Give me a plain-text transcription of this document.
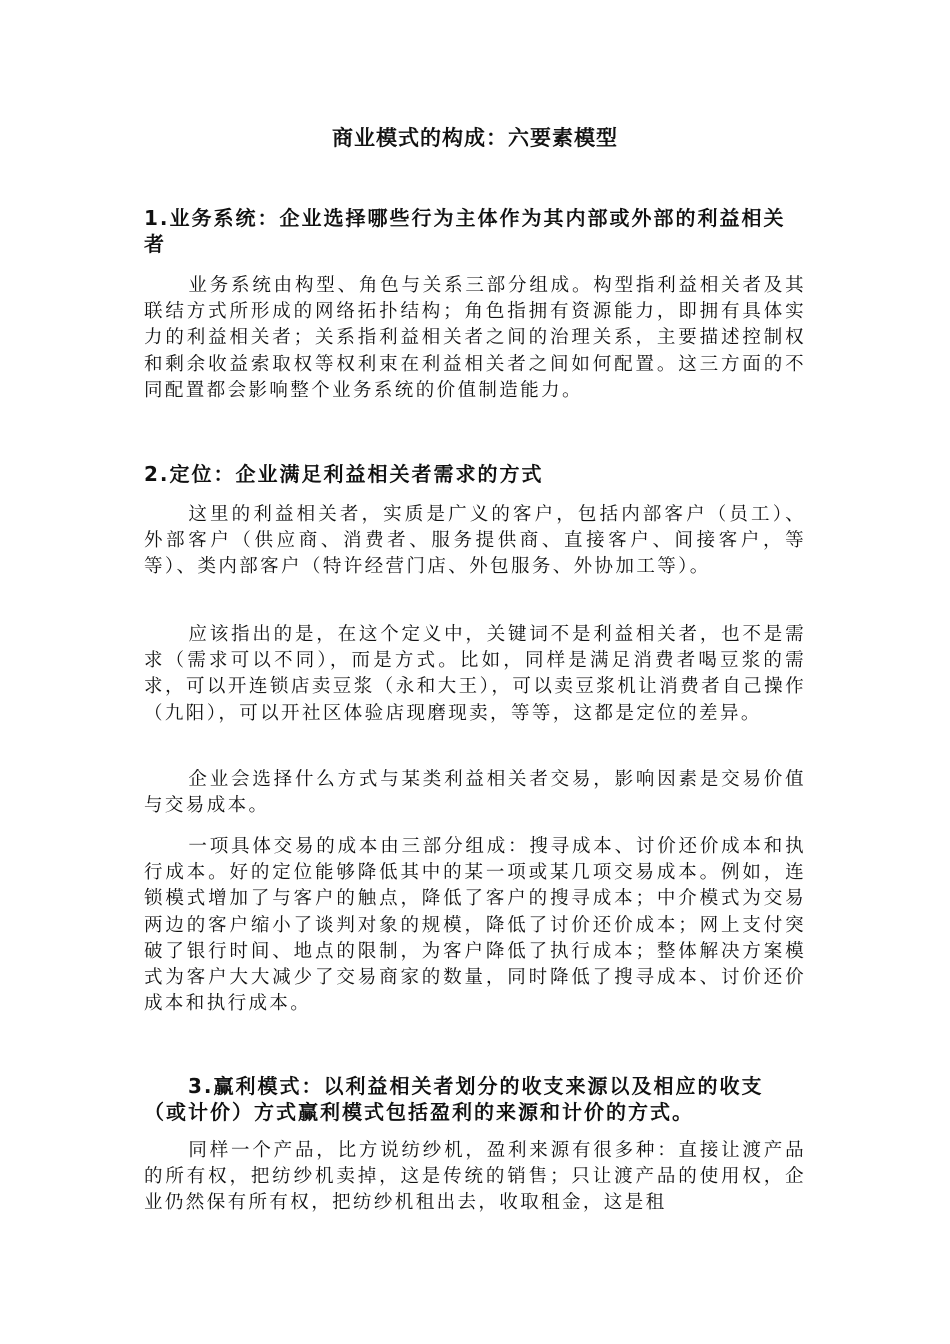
商业模式的构成：六要素模型
1.业务系统：企业选择哪些行为主体作为其内部或外部的利益相关者
业务系统由构型、角色与关系三部分组成。构型指利益相关者及其联结方式所形成的网络拓扑结构；角色指拥有资源能力，即拥有具体实力的利益相关者；关系指利益相关者之间的治理关系，主要描述控制权和剩余收益索取权等权利束在利益相关者之间如何配置。这三方面的不同配置都会影响整个业务系统的价值制造能力。
2.定位：企业满足利益相关者需求的方式
这里的利益相关者，实质是广义的客户，包括内部客户（员工）、外部客户（供应商、消费者、服务提供商、直接客户、间接客户，等等）、类内部客户（特许经营门店、外包服务、外协加工等）。
应该指出的是，在这个定义中，关键词不是利益相关者，也不是需求（需求可以不同），而是方式。比如，同样是满足消费者喝豆浆的需求，可以开连锁店卖豆浆（永和大王），可以卖豆浆机让消费者自己操作（九阳），可以开社区体验店现磨现卖，等等，这都是定位的差异。
企业会选择什么方式与某类利益相关者交易，影响因素是交易价值与交易成本。
一项具体交易的成本由三部分组成：搜寻成本、讨价还价成本和执行成本。好的定位能够降低其中的某一项或某几项交易成本。例如，连锁模式增加了与客户的触点，降低了客户的搜寻成本；中介模式为交易两边的客户缩小了谈判对象的规模，降低了讨价还价成本；网上支付突破了银行时间、地点的限制，为客户降低了执行成本；整体解决方案模式为客户大大减少了交易商家的数量，同时降低了搜寻成本、讨价还价成本和执行成本。
3.赢利模式：以利益相关者划分的收支来源以及相应的收支（或计价）方式赢利模式包括盈利的来源和计价的方式。
同样一个产品，比方说纺纱机，盈利来源有很多种：直接让渡产品的所有权，把纺纱机卖掉，这是传统的销售；只让渡产品的使用权，企业仍然保有所有权，把纺纱机租出去，收取租金，这是租
